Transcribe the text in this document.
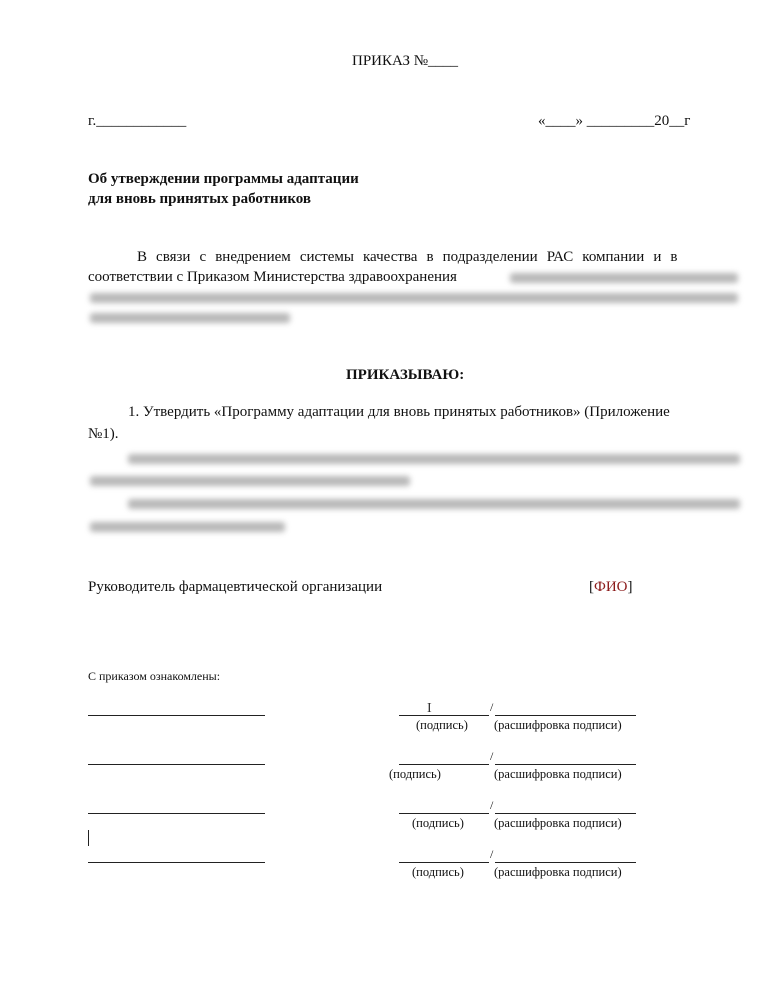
ПРИКАЗ №____
г.____________	«____» _________20__г
Об утверждении программы адаптации
для вновь принятых работников
В связи с внедрением системы качества в подразделении РАС компании и в
соответствии с Приказом Министерства здравоохранения
ПРИКАЗЫВАЮ:
1. Утвердить «Программу адаптации для вновь принятых работников» (Приложение
№1).
Руководитель фармацевтической организации	[ФИО]
С приказом ознакомлены:
/
(подпись) (расшифровка подписи)
/
(подпись)	(расшифровка подписи)
/
(подпись) (расшифровка подписи)
/
(подпись) (расшифровка подписи)
I
